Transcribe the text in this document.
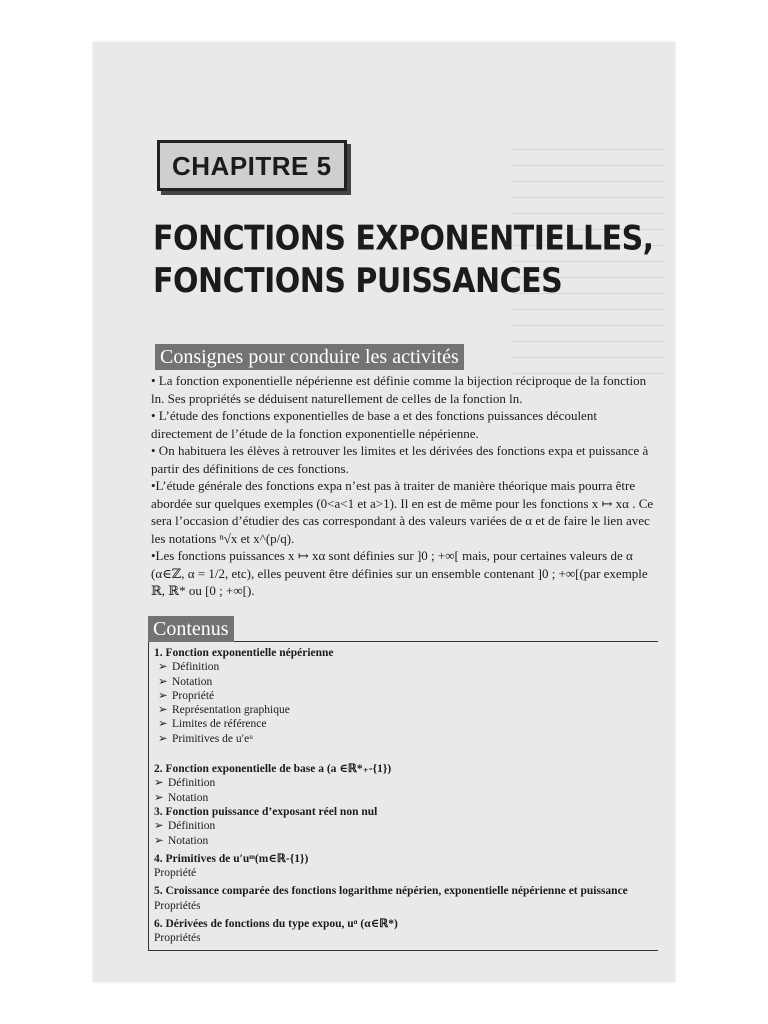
CHAPITRE 5
FONCTIONS EXPONENTIELLES,
FONCTIONS PUISSANCES
Consignes pour conduire les activités

• La fonction exponentielle népérienne est définie comme la bijection réciproque de la fonction ln. Ses propriétés se déduisent naturellement de celles de la fonction ln.

• L’étude des fonctions exponentielles de base a et des fonctions puissances découlent directement de l’étude de la fonction exponentielle népérienne.

• On habituera les élèves à retrouver les limites et les dérivées des fonctions expa et puissance à partir des définitions de ces fonctions.

•L’étude générale des fonctions expa n’est pas à traiter de manière théorique mais pourra être abordée sur quelques exemples (0<a<1 et a>1). Il en est de même pour les fonctions x ↦ xα . Ce sera l’occasion d’étudier des cas correspondant à des valeurs variées de α et de faire le lien avec les notations ⁿ√x et x^(p/q).

•Les fonctions puissances x ↦ xα sont définies sur ]0 ; +∞[ mais, pour certaines valeurs de α (α∈ℤ, α = 1/2, etc), elles peuvent être définies sur un ensemble contenant ]0 ; +∞[(par exemple ℝ, ℝ* ou [0 ; +∞[).

Contenus

1. Fonction exponentielle népérienne

➢ Définition

➢ Notation

➢ Propriété

➢ Représentation graphique

➢ Limites de référence

➢ Primitives de u′eᵘ

2. Fonction exponentielle de base a (a ∈ℝ*₊-{1})

➢ Définition

➢ Notation

3. Fonction puissance d’exposant réel non nul

➢ Définition

➢ Notation

4. Primitives de u′uᵐ(m∈ℝ-{1})

Propriété

5. Croissance comparée des fonctions logarithme népérien, exponentielle népérienne et puissance

Propriétés

6. Dérivées de fonctions du type expou, uᵅ (α∈ℝ*)

Propriétés
